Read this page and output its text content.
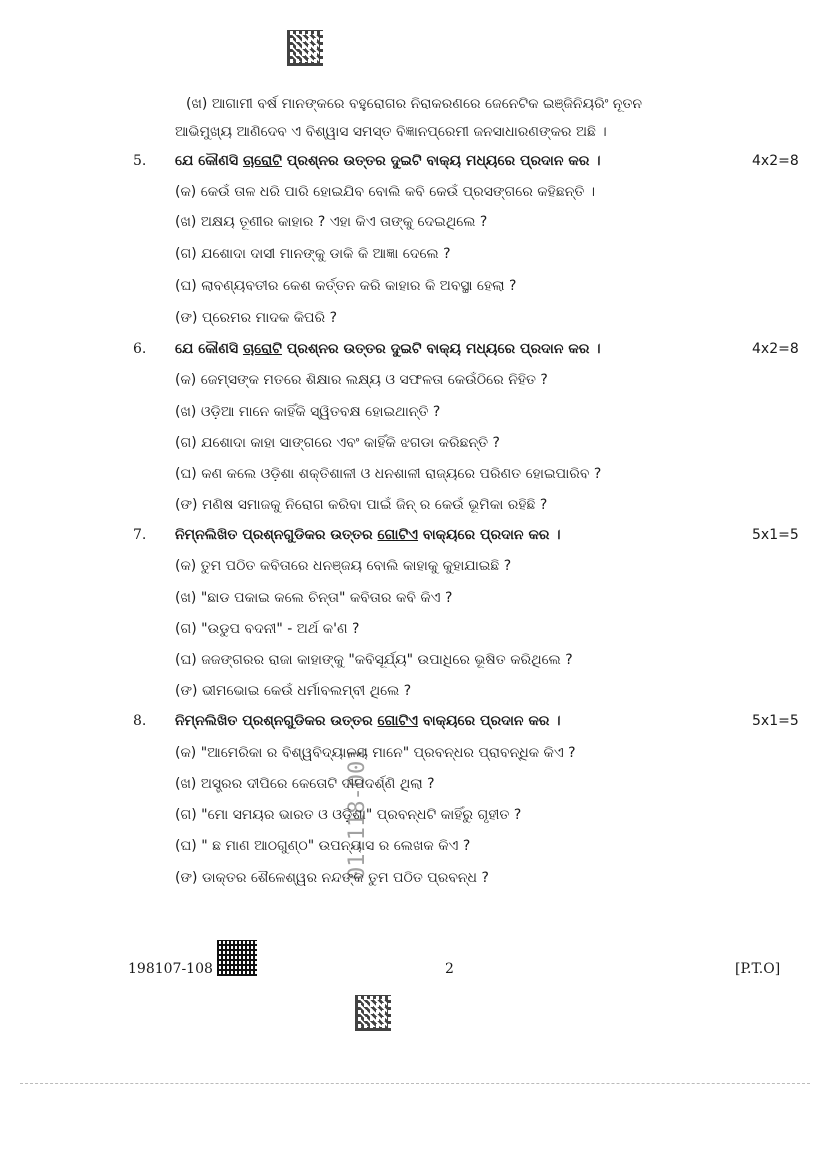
01-118-001
(ଖ) ଆଗାମୀ ବର୍ଷ ମାନଙ୍କରେ ବହୁରୋଗର ନିରାକରଣରେ ଜେନେଟିକ ଇଞ୍ଜିନିୟରିଂ ନୂତନ
ଆଭିମୁଖ୍ୟ ଆଣିଦେବ ଏ ବିଶ୍ୱାସ ସମସ୍ତ ବିଜ୍ଞାନପ୍ରେମୀ ଜନସାଧାରଣଙ୍କର ଅଛି ।
5. ଯେ କୌଣସି ଚାରୋଟି ପ୍ରଶ୍ନର ଉତ୍ତର ଦୁଇଟି ବାକ୍ୟ ମଧ୍ୟରେ ପ୍ରଦାନ କର ।	4x2=8
(କ) କେଉଁ ତାଳ ଧରି ପାରି ହୋଇଯିବ ବୋଲି କବି କେଉଁ ପ୍ରସଙ୍ଗରେ କହିଛନ୍ତି ।
(ଖ) ଅକ୍ଷୟ ତୂଣୀର କାହାର ? ଏହା କିଏ ତାଙ୍କୁ ଦେଇଥିଲେ ?
(ଗ) ଯଶୋଦା ଦାସୀ ମାନଙ୍କୁ ଡାକି କି ଆଜ୍ଞା ଦେଲେ ?
(ଘ) ଲାବଣ୍ୟବତୀର କେଶ କର୍ତ୍ତନ କରି କାହାର କି ଅବସ୍ଥା ହେଲା ?
(ଙ) ପ୍ରେମର ମାଦକ କିପରି ?
6. ଯେ କୌଣସି ଚାରୋଟି ପ୍ରଶ୍ନର ଉତ୍ତର ଦୁଇଟି ବାକ୍ୟ ମଧ୍ୟରେ ପ୍ରଦାନ କର ।	4x2=8
(କ) ଜେମ୍ସଙ୍କ ମତରେ ଶିକ୍ଷାର ଲକ୍ଷ୍ୟ ଓ ସଫଳତା କେଉଁଠିରେ ନିହିତ ?
(ଖ) ଓଡ଼ିଆ ମାନେ କାହିଁକି ସ୍ୱିତବକ୍ଷ ହୋଇଥାନ୍ତି ?
(ଗ) ଯଶୋଦା କାହା ସାଙ୍ଗରେ ଏବଂ କାହିଁକି ଝଗଡା କରିଛନ୍ତି ?
(ଘ) କଣ କଲେ ଓଡ଼ିଶା ଶକ୍ତିଶାଳୀ ଓ ଧନଶାଳୀ ରାଜ୍ୟରେ ପରିଣତ ହୋଇପାରିବ ?
(ଙ) ମଣିଷ ସମାଜକୁ ନିରୋଗ କରିବା ପାଇଁ ଜିନ୍ ର କେଉଁ ଭୂମିକା ରହିଛି ?
7. ନିମ୍ନଲିଖିତ ପ୍ରଶ୍ନଗୁଡିକର ଉତ୍ତର ଗୋଟିଏ ବାକ୍ୟରେ ପ୍ରଦାନ କର ।	5x1=5
(କ) ତୁମ ପଠିତ କବିତାରେ ଧନଞ୍ଜୟ ବୋଲି କାହାକୁ କୁହାଯାଇଛି ?
(ଖ) "ଛାଡ ପକାଇ କଲେ ଚିନ୍ତା" କବିତାର କବି କିଏ ?
(ଗ) "ଉଡୁପ ବଦନୀ" - ଅର୍ଥ କ'ଣ ?
(ଘ) ଜଜଙ୍ଗରର ରାଜା କାହାଙ୍କୁ "କବିସୂର୍ଯ୍ୟ" ଉପାଧିରେ ଭୂଷିତ କରିଥିଲେ ?
(ଙ) ଭୀମଭୋଇ କେଉଁ ଧର୍ମାବଲମ୍ବୀ ଥିଲେ ?
8. ନିମ୍ନଲିଖିତ ପ୍ରଶ୍ନଗୁଡିକର ଉତ୍ତର ଗୋଟିଏ ବାକ୍ୟରେ ପ୍ରଦାନ କର ।	5x1=5
(କ) "ଆମେରିକା ର ବିଶ୍ୱବିଦ୍ୟାଳୟ ମାନେ" ପ୍ରବନ୍ଧର ପ୍ରାବନ୍ଧିକ କିଏ ?
(ଖ) ଅସ୍ତ୍ରର ଦୀପିରେ କେତୋଟି ଦୀପଦର୍ଶ୍ଣି ଥିଲା ?
(ଗ) "ମୋ ସମୟର ଭାରତ ଓ ଓଡ଼ିଶା" ପ୍ରବନ୍ଧଟି କାହିଁରୁ ଗୃହୀତ ?
(ଘ) " ଛ ମାଣ ଆଠଗୁଣ୍ଠ" ଉପନ୍ୟାସ ର ଲେଖକ କିଏ ?
(ଙ) ଡାକ୍ତର ଶୈଳେଶ୍ୱର ନନ୍ଦଙ୍କ ତୁମ ପଠିତ ପ୍ରବନ୍ଧ ?
198107-108	2	[P.T.O]
